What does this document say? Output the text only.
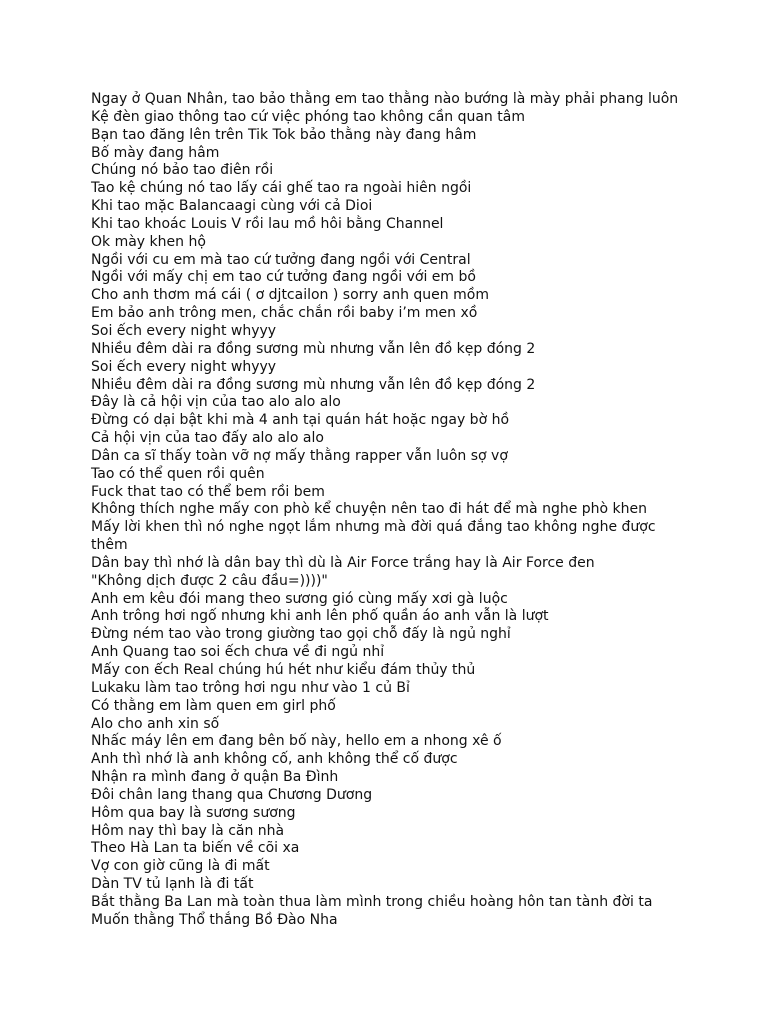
Ngay ở Quan Nhân, tao bảo thằng em tao thằng nào bướng là mày phải phang luôn
Kệ đèn giao thông tao cứ việc phóng tao không cần quan tâm
Bạn tao đăng lên trên Tik Tok bảo thằng này đang hâm
Bố mày đang hâm
Chúng nó bảo tao điên rồi
Tao kệ chúng nó tao lấy cái ghế tao ra ngoài hiên ngồi
Khi tao mặc Balancaagi cùng với cả Dioi
Khi tao khoác Louis V rồi lau mồ hôi bằng Channel
Ok mày khen hộ
Ngồi với cu em mà tao cứ tưởng đang ngồi với Central
Ngồi với mấy chị em tao cứ tưởng đang ngồi với em bồ
Cho anh thơm má cái ( ơ djtcailon ) sorry anh quen mồm
Em bảo anh trông men, chắc chắn rồi baby i’m men xồ
Soi ếch every night whyyy
Nhiều đêm dài ra đồng sương mù nhưng vẫn lên đồ kẹp đóng 2
Soi ếch every night whyyy
Nhiều đêm dài ra đồng sương mù nhưng vẫn lên đồ kẹp đóng 2
Đây là cả hội vịn của tao alo alo alo
Đừng có dại bật khi mà 4 anh tại quán hát hoặc ngay bờ hồ
Cả hội vịn của tao đấy alo alo alo
Dân ca sĩ thấy toàn vỡ nợ mấy thằng rapper vẫn luôn sợ vợ
Tao có thể quen rồi quên
Fuck that tao có thể bem rồi bem
Không thích nghe mấy con phò kể chuyện nên tao đi hát để mà nghe phò khen
Mấy lời khen thì nó nghe ngọt lắm nhưng mà đời quá đắng tao không nghe được thêm
Dân bay thì nhớ là dân bay thì dù là Air Force trắng hay là Air Force đen
"Không dịch được 2 câu đầu=))))"
Anh em kêu đói mang theo sương gió cùng mấy xơi gà luộc
Anh trông hơi ngố nhưng khi anh lên phố quần áo anh vẫn là lượt
Đừng ném tao vào trong giường tao gọi chỗ đấy là ngủ nghỉ
Anh Quang tao soi ếch chưa về đi ngủ nhỉ
Mấy con ếch Real chúng hú hét như kiểu đám thủy thủ
Lukaku làm tao trông hơi ngu như vào 1 củ Bỉ
Có thằng em làm quen em girl phố
Alo cho anh xin số
Nhấc máy lên em đang bên bố này, hello em a nhong xê ố
Anh thì nhớ là anh không cố, anh không thể cố được
Nhận ra mình đang ở quận Ba Đình
Đôi chân lang thang qua Chương Dương
Hôm qua bay là sương sương
Hôm nay thì bay là căn nhà
Theo Hà Lan ta biến về cõi xa
Vợ con giờ cũng là đi mất
Dàn TV tủ lạnh là đi tất
Bắt thằng Ba Lan mà toàn thua làm mình trong chiều hoàng hôn tan tành đời ta
Muốn thằng Thổ thắng Bồ Đào Nha
